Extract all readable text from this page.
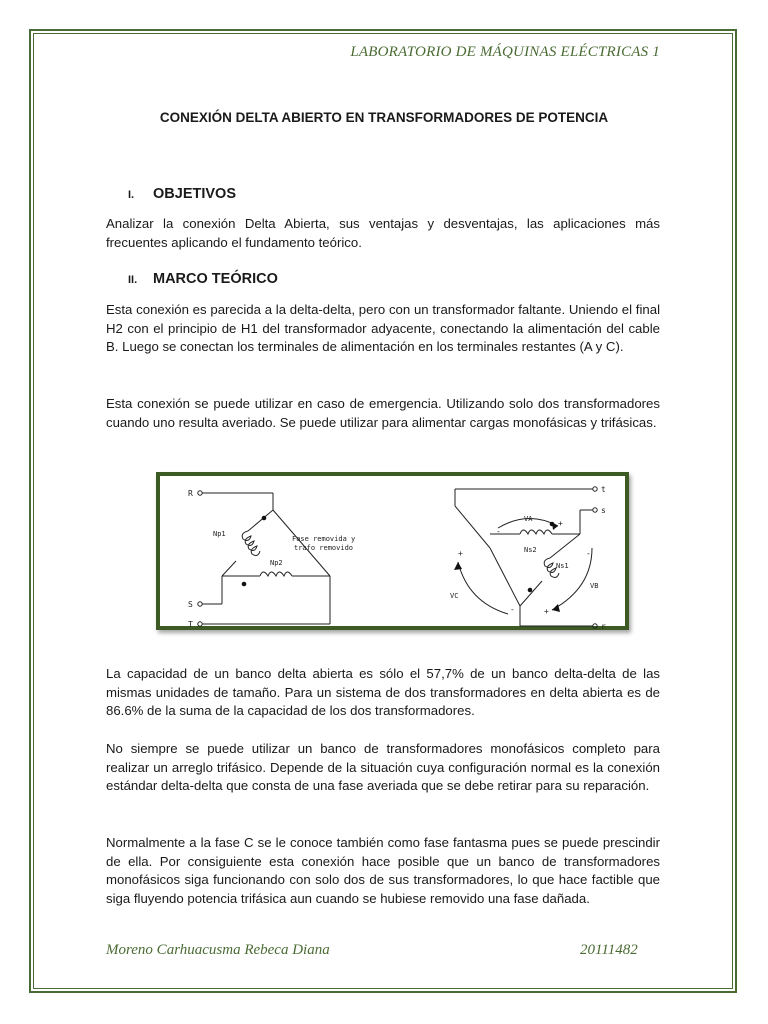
LABORATORIO DE MÁQUINAS ELÉCTRICAS 1
CONEXIÓN DELTA ABIERTO EN TRANSFORMADORES DE POTENCIA
I. OBJETIVOS

Analizar la conexión Delta Abierta, sus ventajas y desventajas, las aplicaciones más frecuentes aplicando el fundamento teórico.

II. MARCO TEÓRICO

Esta conexión es parecida a la delta-delta, pero con un transformador faltante. Uniendo el final H2 con el principio de H1 del transformador adyacente, conectando la alimentación del cable B. Luego se conectan los terminales de alimentación en los terminales restantes (A y C).

Esta conexión se puede utilizar en caso de emergencia. Utilizando solo dos transformadores cuando uno resulta averiado. Se puede utilizar para alimentar cargas monofásicas y trifásicas.

R
S
T
Np1
Np2
Fase removida y
trafo removido
t
s
r
Ns2
Ns1
VA
VB
VC
+
-
+
-	+
-

La capacidad de un banco delta abierta es sólo el 57,7% de un banco delta-delta de las mismas unidades de tamaño. Para un sistema de dos transformadores en delta abierta es de 86.6% de la suma de la capacidad de los dos transformadores.

No siempre se puede utilizar un banco de transformadores monofásicos completo para realizar un arreglo trifásico. Depende de la situación cuya configuración normal es la conexión estándar delta-delta que consta de una fase averiada que se debe retirar para su reparación.

Normalmente a la fase C se le conoce también como fase fantasma pues se puede prescindir de ella. Por consiguiente esta conexión hace posible que un banco de transformadores monofásicos siga funcionando con solo dos de sus transformadores, lo que hace factible que siga fluyendo potencia trifásica aun cuando se hubiese removido una fase dañada.

Moreno Carhuacusma Rebeca Diana	20111482
